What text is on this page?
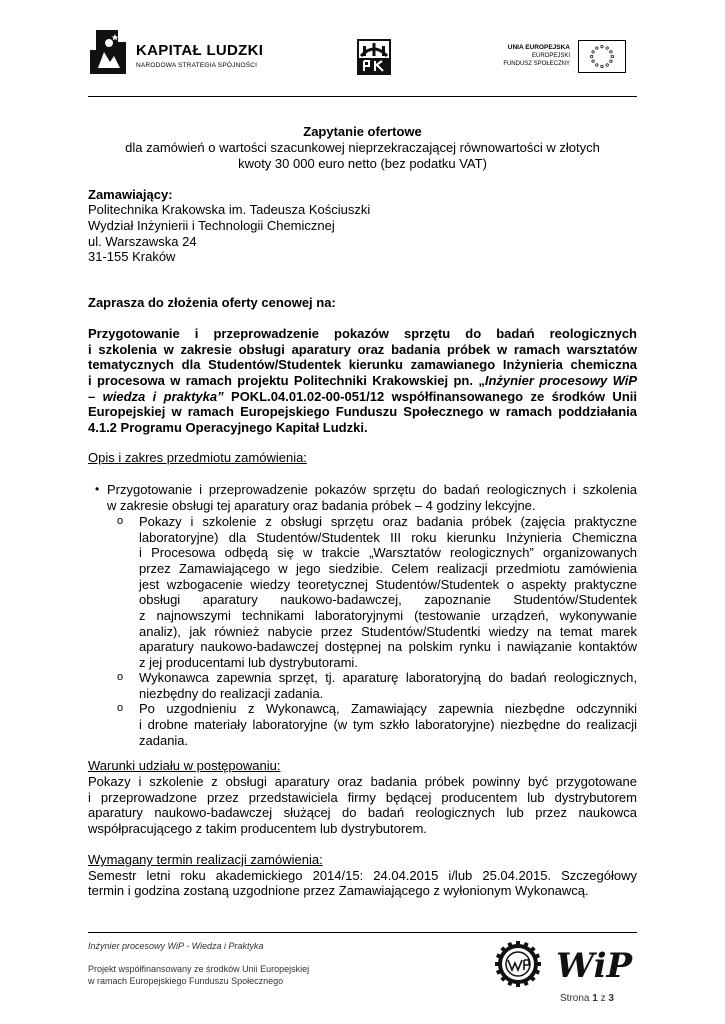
KAPITAŁ LUDZKI
NARODOWA STRATEGIA SPÓJNOŚCI
UNIA EUROPEJSKA
EUROPEJSKI
FUNDUSZ SPOŁECZNY
Zapytanie ofertowe
dla zamówień o wartości szacunkowej nieprzekraczającej równowartości w złotych
kwoty 30 000 euro netto (bez podatku VAT)
Zamawiający:
Politechnika Krakowska im. Tadeusza Kościuszki
Wydział Inżynierii i Technologii Chemicznej
ul. Warszawska 24
31-155 Kraków
Zaprasza do złożenia oferty cenowej na:
Przygotowanie i przeprowadzenie pokazów sprzętu do badań reologicznych
i szkolenia w zakresie obsługi aparatury oraz badania próbek w ramach warsztatów
tematycznych dla Studentów/Studentek kierunku zamawianego Inżynieria chemiczna
i procesowa w ramach projektu Politechniki Krakowskiej pn. „Inżynier procesowy WiP
– wiedza i praktyka” POKL.04.01.02-00-051/12 współfinansowanego ze środków Unii
Europejskiej w ramach Europejskiego Funduszu Społecznego w ramach poddziałania
4.1.2 Programu Operacyjnego Kapitał Ludzki.
Opis i zakres przedmiotu zamówienia:
• Przygotowanie i przeprowadzenie pokazów sprzętu do badań reologicznych i szkolenia
w zakresie obsługi tej aparatury oraz badania próbek – 4 godziny lekcyjne.
o Pokazy i szkolenie z obsługi sprzętu oraz badania próbek (zajęcia praktyczne
laboratoryjne) dla Studentów/Studentek III roku kierunku Inżynieria Chemiczna
i Procesowa odbędą się w trakcie „Warsztatów reologicznych” organizowanych
przez Zamawiającego w jego siedzibie. Celem realizacji przedmiotu zamówienia
jest wzbogacenie wiedzy teoretycznej Studentów/Studentek o aspekty praktyczne
obsługi aparatury naukowo-badawczej, zapoznanie Studentów/Studentek
z najnowszymi technikami laboratoryjnymi (testowanie urządzeń, wykonywanie
analiz), jak również nabycie przez Studentów/Studentki wiedzy na temat marek
aparatury naukowo-badawczej dostępnej na polskim rynku i nawiązanie kontaktów
z jej producentami lub dystrybutorami.
o Wykonawca zapewnia sprzęt, tj. aparaturę laboratoryjną do badań reologicznych,
niezbędny do realizacji zadania.
o Po uzgodnieniu z Wykonawcą, Zamawiający zapewnia niezbędne odczynniki
i drobne materiały laboratoryjne (w tym szkło laboratoryjne) niezbędne do realizacji
zadania.
Warunki udziału w postępowaniu:
Pokazy i szkolenie z obsługi aparatury oraz badania próbek powinny być przygotowane
i przeprowadzone przez przedstawiciela firmy będącej producentem lub dystrybutorem
aparatury naukowo-badawczej służącej do badań reologicznych lub przez naukowca
współpracującego z takim producentem lub dystrybutorem.
Wymagany termin realizacji zamówienia:
Semestr letni roku akademickiego 2014/15: 24.04.2015 i/lub 25.04.2015. Szczegółowy
termin i godzina zostaną uzgodnione przez Zamawiającego z wyłonionym Wykonawcą.
Inżynier procesowy WiP - Wiedza i Praktyka
Projekt współfinansowany ze środków Unii Europejskiej
w ramach Europejskiego Funduszu Społecznego	WiP
Strona 1 z 3
